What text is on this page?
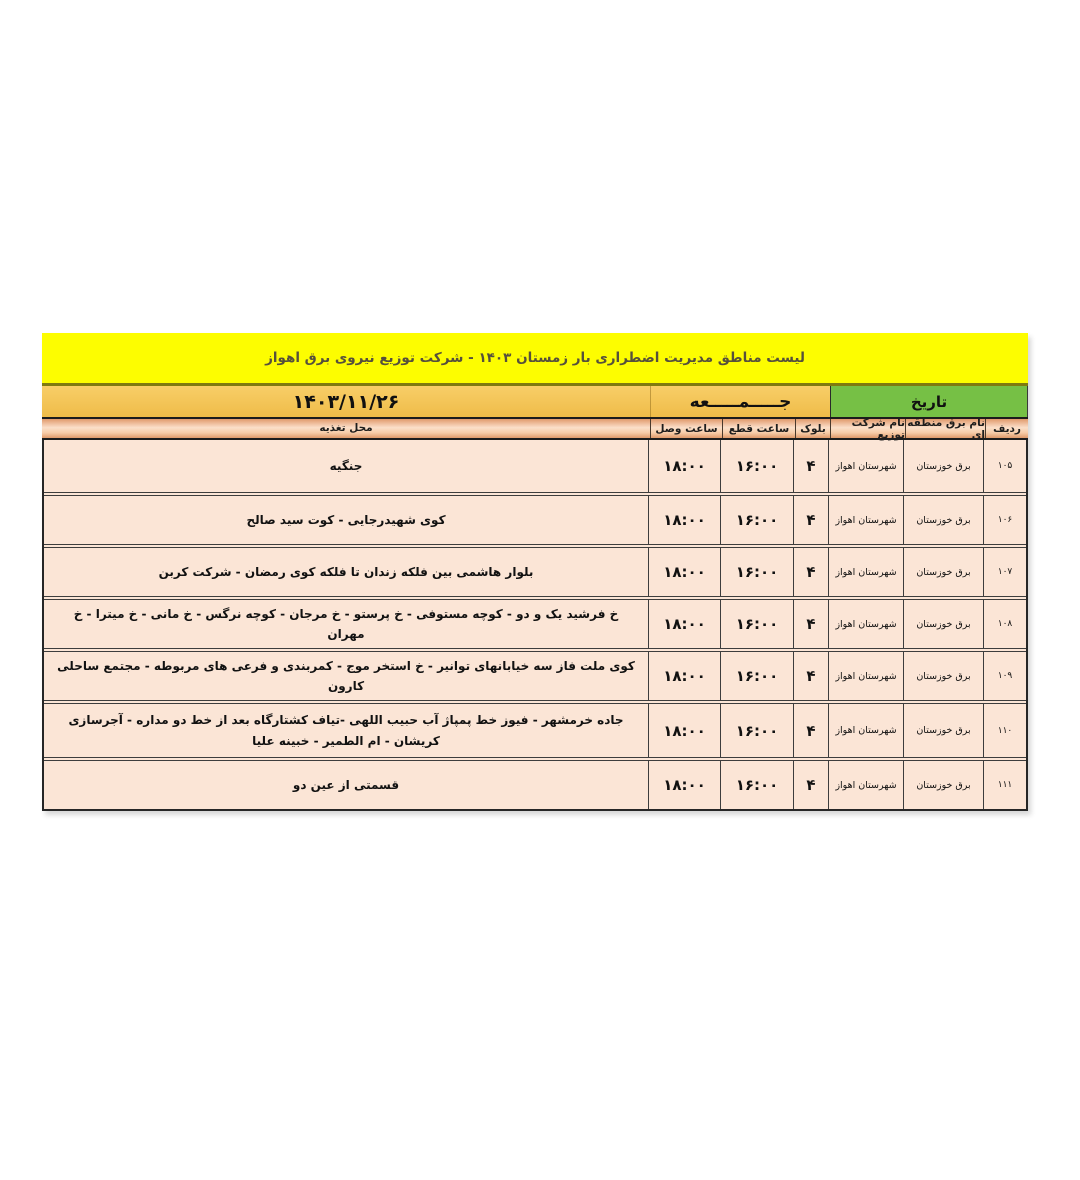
لیست مناطق مدیریت اضطراری بار زمستان ۱۴۰۳ - شرکت توزیع نیروی برق اهواز
تاریخ
جـــــمـــــعه
۱۴۰۳/۱۱/۲۶
ردیف
نام برق منطقه ای
نام شرکت توزیع
بلوک
ساعت قطع
ساعت وصل
محل تغذیه
۱۰۵
برق خوزستان
شهرستان اهواز
۴
۱۶:۰۰
۱۸:۰۰
جنگیه
۱۰۶
برق خوزستان
شهرستان اهواز
۴
۱۶:۰۰
۱۸:۰۰
کوی شهیدرجایی - کوت سید صالح
۱۰۷
برق خوزستان
شهرستان اهواز
۴
۱۶:۰۰
۱۸:۰۰
بلوار هاشمی بین فلکه زندان تا فلکه کوی رمضان - شرکت کربن
۱۰۸
برق خوزستان
شهرستان اهواز
۴
۱۶:۰۰
۱۸:۰۰
خ فرشید یک و دو - کوچه مستوفی - خ پرستو - خ مرجان - کوچه نرگس - خ مانی - خ میترا - خ مهران
۱۰۹
برق خوزستان
شهرستان اهواز
۴
۱۶:۰۰
۱۸:۰۰
کوی ملت فاز سه خیابانهای توانیر - خ استخر موج - کمربندی و فرعی های مربوطه - مجتمع ساحلی کارون
۱۱۰
برق خوزستان
شهرستان اهواز
۴
۱۶:۰۰
۱۸:۰۰
جاده خرمشهر - فیوز خط پمپاژ آب حبیب اللهی -تیاف کشتارگاه بعد از خط دو مداره - آجرسازی کریشان - ام الطمیر - خبینه علیا
۱۱۱
برق خوزستان
شهرستان اهواز
۴
۱۶:۰۰
۱۸:۰۰
قسمتی از عین دو
